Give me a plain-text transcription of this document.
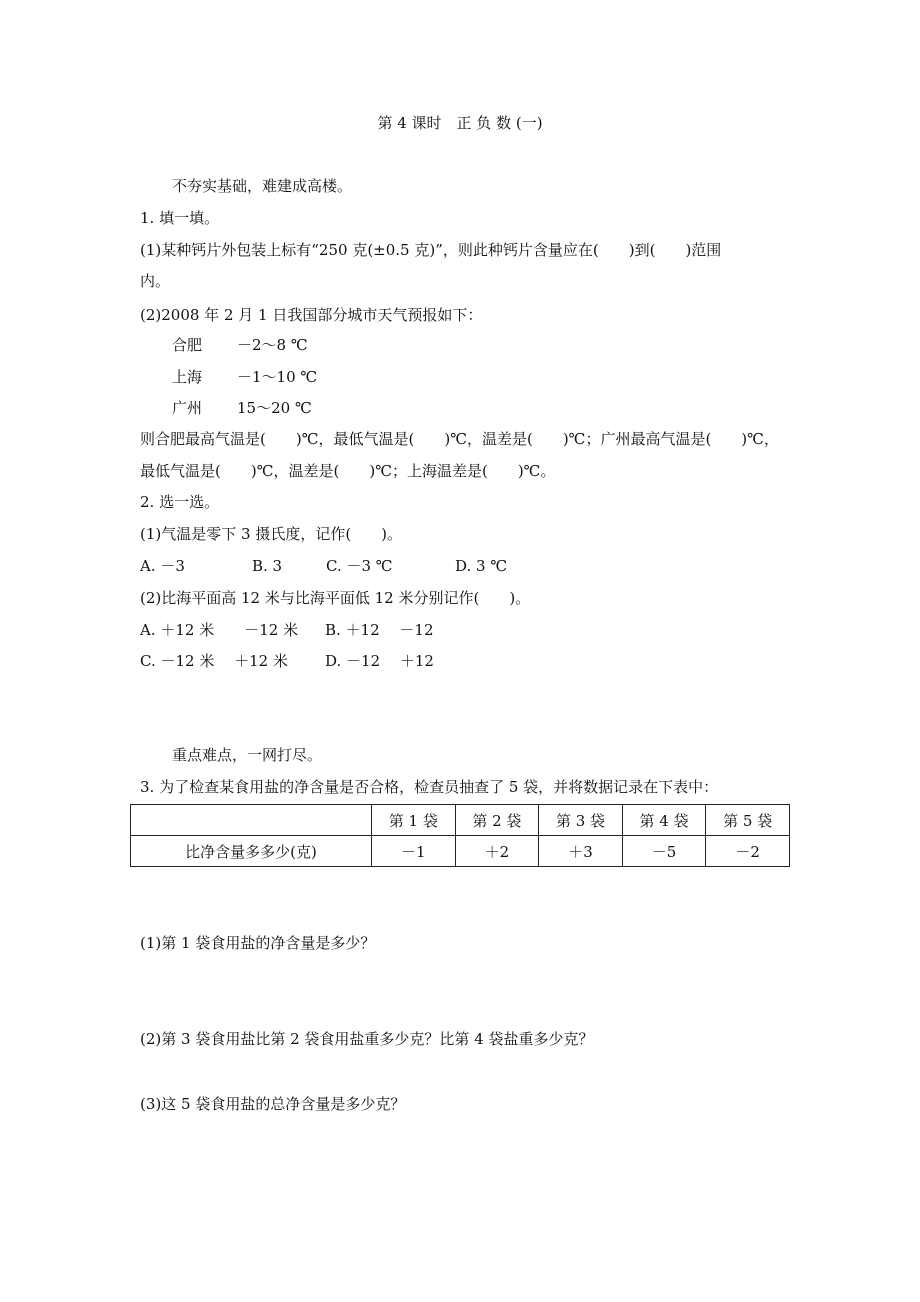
第 4 课时　正 负 数 (一)
不夯实基础，难建成高楼。
1. 填一填。
(1)某种钙片外包装上标有“250 克(±0.5 克)”，则此种钙片含量应在(　　)到(　　)范围
内。
(2)2008 年 2 月 1 日我国部分城市天气预报如下：
合肥 －2～8 ℃
上海 －1～10 ℃
广州 15～20 ℃
则合肥最高气温是(　　)℃，最低气温是(　　)℃，温差是(　　)℃；广州最高气温是(　　)℃，
最低气温是(　　)℃，温差是(　　)℃；上海温差是(　　)℃。
2. 选一选。
(1)气温是零下 3 摄氏度，记作(　　)。
A. －3	B. 3	C. －3 ℃	D. 3 ℃
(2)比海平面高 12 米与比海平面低 12 米分别记作(　　)。
A. ＋12 米　　－12 米 B. ＋12　 －12
C. －12 米　 ＋12 米 D. －12　 ＋12
重点难点，一网打尽。
3. 为了检查某食用盐的净含量是否合格，检查员抽查了 5 袋，并将数据记录在下表中：
	第 1 袋	第 2 袋	第 3 袋	第 4 袋	第 5 袋
比净含量多多少(克)	－1	＋2	＋3	－5	－2
(1)第 1 袋食用盐的净含量是多少？
(2)第 3 袋食用盐比第 2 袋食用盐重多少克？比第 4 袋盐重多少克？
(3)这 5 袋食用盐的总净含量是多少克？
